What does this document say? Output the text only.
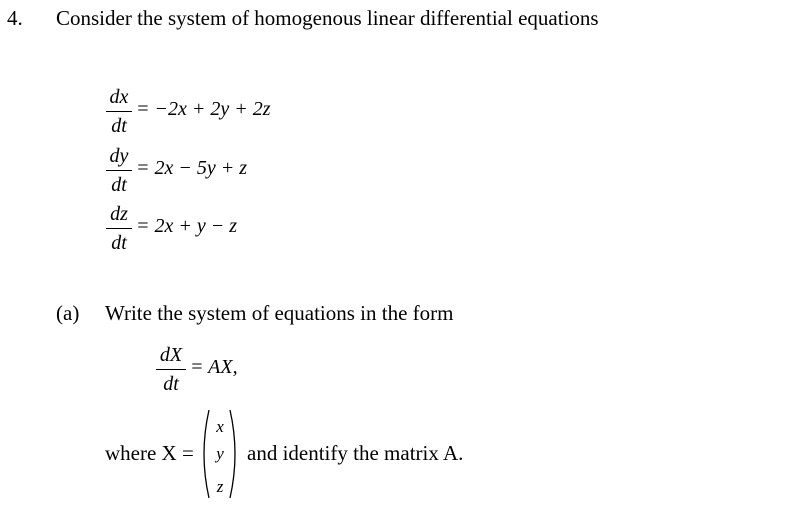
4. Consider the system of homogenous linear differential equations
dx
dt
= −2x + 2y + 2z
dy
dt
= 2x − 5y + z
dz
dt
= 2x + y − z
(a) Write the system of equations in the form
dX
dt
= AX,
where X =
x
y
z
and identify the matrix A.
